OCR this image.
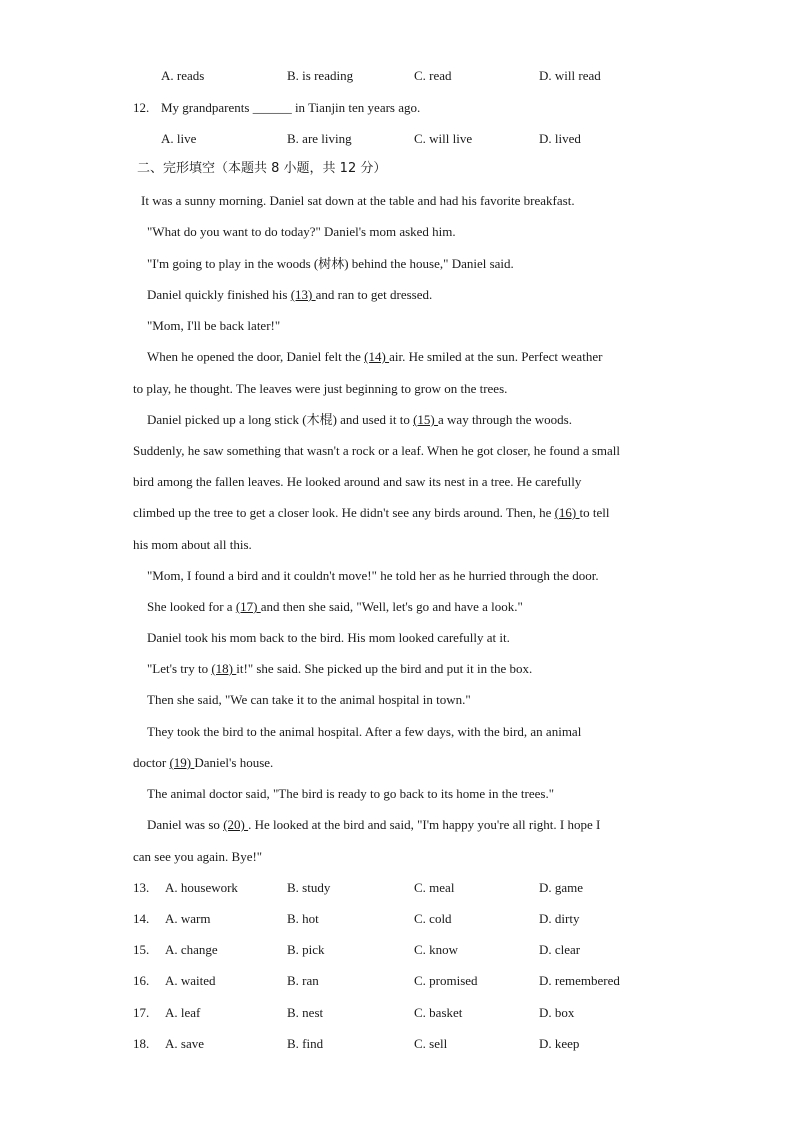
A. reads	B. is reading	C. read	D. will read
12. My grandparents ______ in Tianjin ten years ago.
A. live	B. are living	C. will live	D. lived
二、完形填空（本题共 8 小题，共 12 分）
It was a sunny morning. Daniel sat down at the table and had his favorite breakfast.
"What do you want to do today?" Daniel's mom asked him.
"I'm going to play in the woods (树林) behind the house," Daniel said.
Daniel quickly finished his (13) and ran to get dressed.
"Mom, I'll be back later!"
When he opened the door, Daniel felt the (14) air. He smiled at the sun. Perfect weather
to play, he thought. The leaves were just beginning to grow on the trees.
Daniel picked up a long stick (木棍) and used it to (15) a way through the woods.
Suddenly, he saw something that wasn't a rock or a leaf. When he got closer, he found a small
bird among the fallen leaves. He looked around and saw its nest in a tree. He carefully
climbed up the tree to get a closer look. He didn't see any birds around. Then, he (16) to tell
his mom about all this.
"Mom, I found a bird and it couldn't move!" he told her as he hurried through the door.
She looked for a (17) and then she said, "Well, let's go and have a look."
Daniel took his mom back to the bird. His mom looked carefully at it.
"Let's try to (18) it!" she said. She picked up the bird and put it in the box.
Then she said, "We can take it to the animal hospital in town."
They took the bird to the animal hospital. After a few days, with the bird, an animal
doctor (19) Daniel's house.
The animal doctor said, "The bird is ready to go back to its home in the trees."
Daniel was so (20) . He looked at the bird and said, "I'm happy you're all right. I hope I
can see you again. Bye!"
13. A. housework	B. study	C. meal	D. game
14. A. warm	B. hot	C. cold	D. dirty
15. A. change	B. pick	C. know	D. clear
16. A. waited	B. ran	C. promised	D. remembered
17. A. leaf	B. nest	C. basket	D. box
18. A. save	B. find	C. sell	D. keep
